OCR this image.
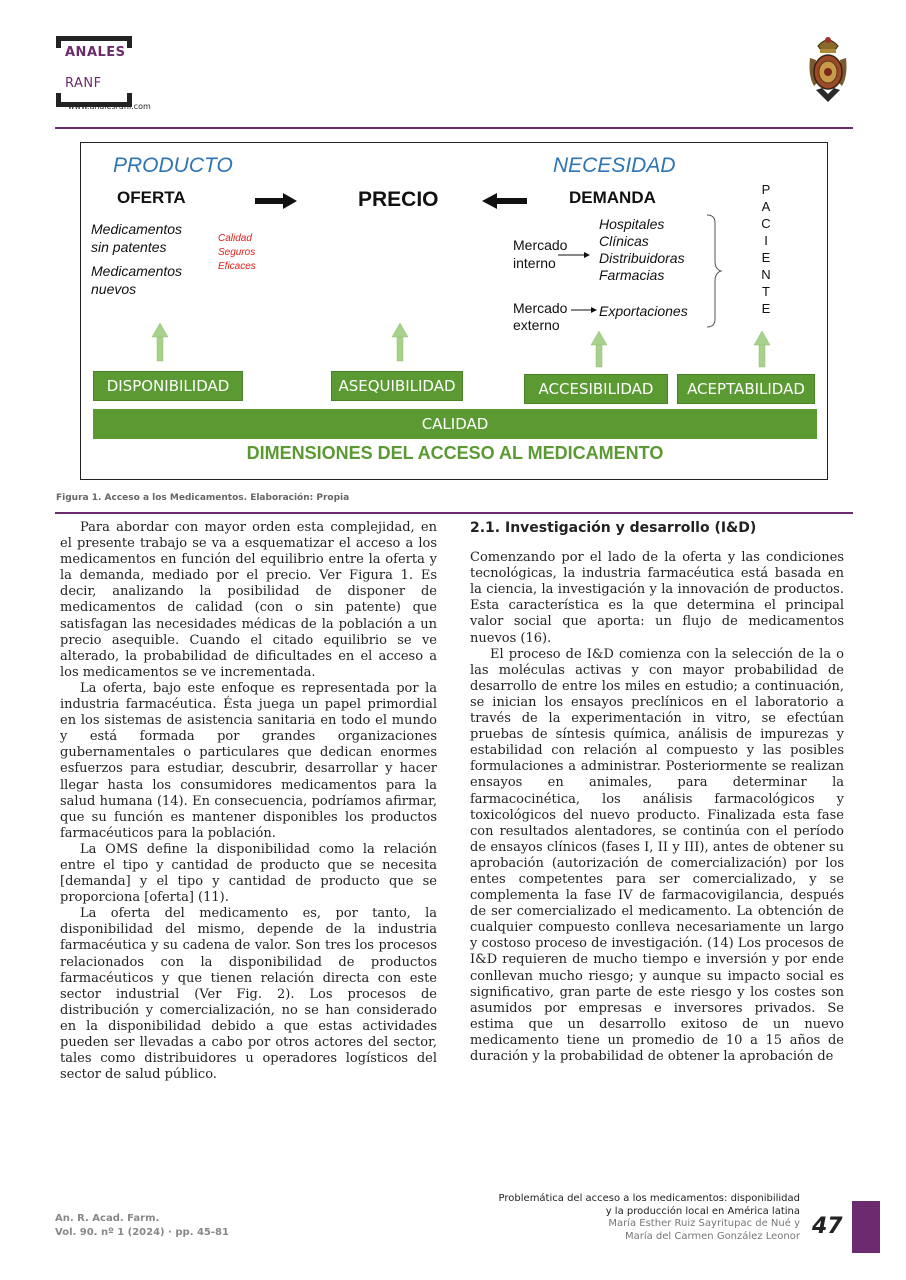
ANALES
RANF
www.analesranf.com
PRODUCTO	NECESIDAD
OFERTA	PRECIO	DEMANDA
Medicamentos
sin patentes
Medicamentos
nuevos
Calidad
Seguros
Eficaces
Mercado
interno
Hospitales
Clínicas
Distribuidoras
Farmacias
Mercado
externo
Exportaciones
P
A
C
I
E
N
T
E
DISPONIBILIDAD	ASEQUIBILIDAD	ACCESIBILIDAD	ACEPTABILIDAD
CALIDAD
DIMENSIONES DEL ACCESO AL MEDICAMENTO
Figura 1. Acceso a los Medicamentos. Elaboración: Propia

Para abordar con mayor orden esta complejidad, en el presente trabajo se va a esquematizar el acceso a los medicamentos en función del equilibrio entre la oferta y la demanda, mediado por el precio. Ver Figura 1. Es decir, analizando la posibilidad de disponer de medicamentos de calidad (con o sin patente) que satisfagan las necesidades médicas de la población a un precio asequible. Cuando el citado equilibrio se ve alterado, la probabilidad de dificultades en el acceso a los medicamentos se ve incrementada.

La oferta, bajo este enfoque es representada por la industria farmacéutica. Ésta juega un papel primordial en los sistemas de asistencia sanitaria en todo el mundo y está formada por grandes organizaciones gubernamentales o particulares que dedican enormes esfuerzos para estudiar, descubrir, desarrollar y hacer llegar hasta los consumidores medicamentos para la salud humana (14). En consecuencia, podríamos afirmar, que su función es mantener disponibles los productos farmacéuticos para la población.

La OMS define la disponibilidad como la relación entre el tipo y cantidad de producto que se necesita [demanda] y el tipo y cantidad de producto que se proporciona [oferta] (11).

La oferta del medicamento es, por tanto, la disponibilidad del mismo, depende de la industria farmacéutica y su cadena de valor. Son tres los procesos relacionados con la disponibilidad de productos farmacéuticos y que tienen relación directa con este sector industrial (Ver Fig. 2). Los procesos de distribución y comercialización, no se han considerado en la disponibilidad debido a que estas actividades pueden ser llevadas a cabo por otros actores del sector, tales como distribuidores u operadores logísticos del sector de salud público.

2.1. Investigación y desarrollo (I&D)

Comenzando por el lado de la oferta y las condiciones tecnológicas, la industria farmacéutica está basada en la ciencia, la investigación y la innovación de productos. Esta característica es la que determina el principal valor social que aporta: un flujo de medicamentos nuevos (16).

El proceso de I&D comienza con la selección de la o las moléculas activas y con mayor probabilidad de desarrollo de entre los miles en estudio; a continuación, se inician los ensayos preclínicos en el laboratorio a través de la experimentación in vitro, se efectúan pruebas de síntesis química, análisis de impurezas y estabilidad con relación al compuesto y las posibles formulaciones a administrar. Posteriormente se realizan ensayos en animales, para determinar la farmacocinética, los análisis farmacológicos y toxicológicos del nuevo producto. Finalizada esta fase con resultados alentadores, se continúa con el período de ensayos clínicos (fases I, II y III), antes de obtener su aprobación (autorización de comercialización) por los entes competentes para ser comercializado, y se complementa la fase IV de farmacovigilancia, después de ser comercializado el medicamento. La obtención de cualquier compuesto conlleva necesariamente un largo y costoso proceso de investigación. (14) Los procesos de I&D requieren de mucho tiempo e inversión y por ende conllevan mucho riesgo; y aunque su impacto social es significativo, gran parte de este riesgo y los costes son asumidos por empresas e inversores privados. Se estima que un desarrollo exitoso de un nuevo medicamento tiene un promedio de 10 a 15 años de duración y la probabilidad de obtener la aprobación de

An. R. Acad. Farm.
Vol. 90. nº 1 (2024) · pp. 45-81
Problemática del acceso a los medicamentos: disponibilidad
y la producción local en América latina
María Esther Ruiz Sayritupac de Nué y
María del Carmen González Leonor 47
